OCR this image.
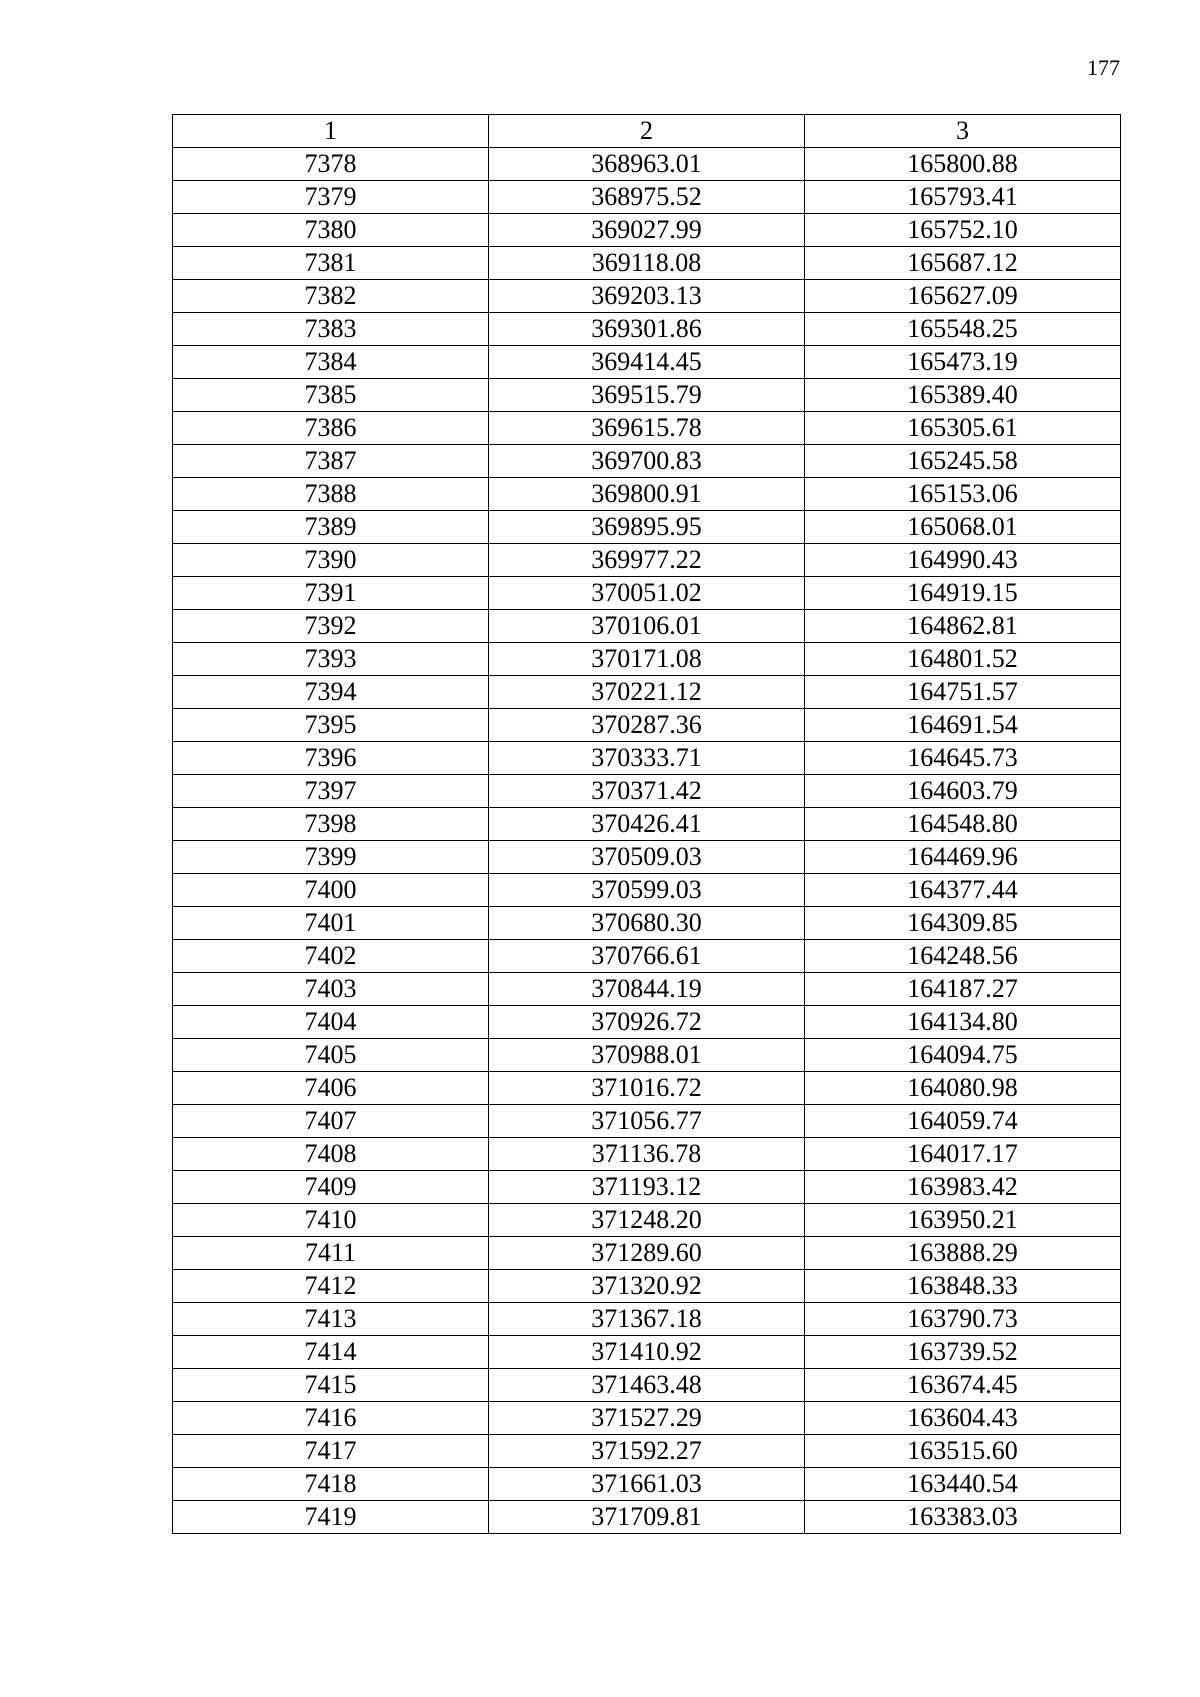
177
1	2	3
7378	368963.01	165800.88
7379	368975.52	165793.41
7380	369027.99	165752.10
7381	369118.08	165687.12
7382	369203.13	165627.09
7383	369301.86	165548.25
7384	369414.45	165473.19
7385	369515.79	165389.40
7386	369615.78	165305.61
7387	369700.83	165245.58
7388	369800.91	165153.06
7389	369895.95	165068.01
7390	369977.22	164990.43
7391	370051.02	164919.15
7392	370106.01	164862.81
7393	370171.08	164801.52
7394	370221.12	164751.57
7395	370287.36	164691.54
7396	370333.71	164645.73
7397	370371.42	164603.79
7398	370426.41	164548.80
7399	370509.03	164469.96
7400	370599.03	164377.44
7401	370680.30	164309.85
7402	370766.61	164248.56
7403	370844.19	164187.27
7404	370926.72	164134.80
7405	370988.01	164094.75
7406	371016.72	164080.98
7407	371056.77	164059.74
7408	371136.78	164017.17
7409	371193.12	163983.42
7410	371248.20	163950.21
7411	371289.60	163888.29
7412	371320.92	163848.33
7413	371367.18	163790.73
7414	371410.92	163739.52
7415	371463.48	163674.45
7416	371527.29	163604.43
7417	371592.27	163515.60
7418	371661.03	163440.54
7419	371709.81	163383.03
